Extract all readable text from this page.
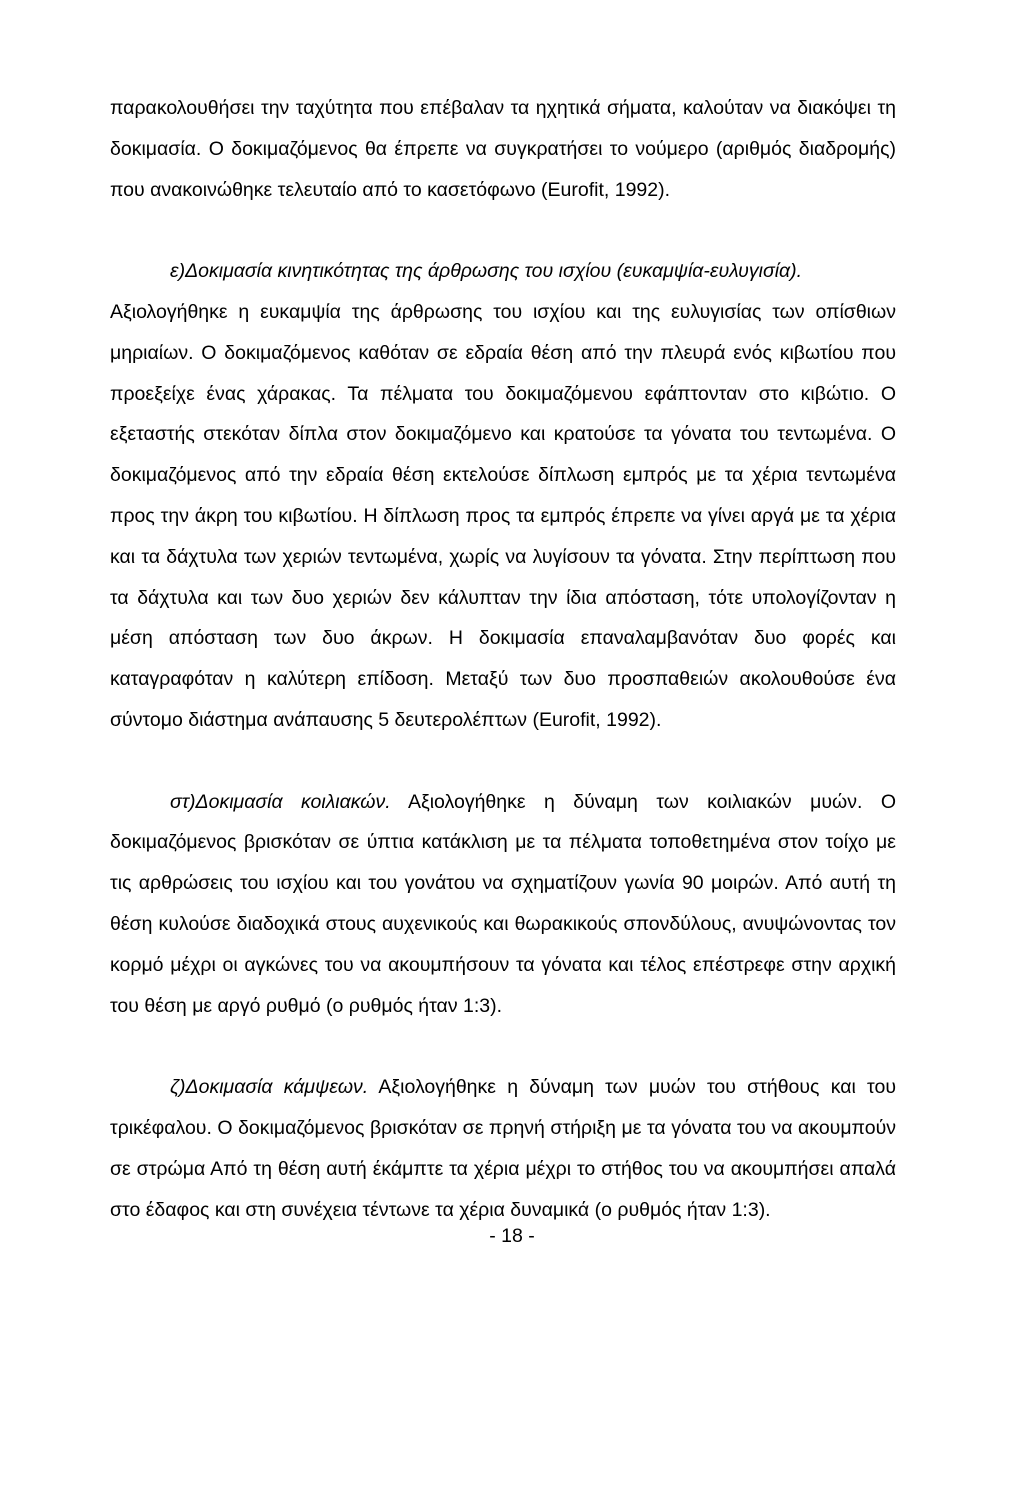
παρακολουθήσει την ταχύτητα που επέβαλαν τα ηχητικά σήματα, καλούταν να διακόψει τη δοκιμασία. Ο δοκιμαζόμενος θα έπρεπε να συγκρατήσει το νούμερο (αριθμός διαδρομής) που ανακοινώθηκε τελευταίο από το κασετόφωνο (Eurofit, 1992).

ε)Δοκιμασία κινητικότητας της άρθρωσης του ισχίου (ευκαμψία-ευλυγισία).
Αξιολογήθηκε η ευκαμψία της άρθρωσης του ισχίου και της ευλυγισίας των οπίσθιων μηριαίων. Ο δοκιμαζόμενος καθόταν σε εδραία θέση από την πλευρά ενός κιβωτίου που προεξείχε ένας χάρακας. Τα πέλματα του δοκιμαζόμενου εφάπτονταν στο κιβώτιο. Ο εξεταστής στεκόταν δίπλα στον δοκιμαζόμενο και κρατούσε τα γόνατα του τεντωμένα. Ο δοκιμαζόμενος από την εδραία θέση εκτελούσε δίπλωση εμπρός με τα χέρια τεντωμένα προς την άκρη του κιβωτίου. Η δίπλωση προς τα εμπρός έπρεπε να γίνει αργά με τα χέρια και τα δάχτυλα των χεριών τεντωμένα, χωρίς να λυγίσουν τα γόνατα. Στην περίπτωση που τα δάχτυλα και των δυο χεριών δεν κάλυπταν την ίδια απόσταση, τότε υπολογίζονταν η μέση απόσταση των δυο άκρων. Η δοκιμασία επαναλαμβανόταν δυο φορές και καταγραφόταν η καλύτερη επίδοση. Μεταξύ των δυο προσπαθειών ακολουθούσε ένα σύντομο διάστημα ανάπαυσης 5 δευτερολέπτων (Eurofit, 1992).

στ)Δοκιμασία κοιλιακών. Αξιολογήθηκε η δύναμη των κοιλιακών μυών. Ο δοκιμαζόμενος βρισκόταν σε ύπτια κατάκλιση με τα πέλματα τοποθετημένα στον τοίχο με τις αρθρώσεις του ισχίου και του γονάτου να σχηματίζουν γωνία 90 μοιρών. Από αυτή τη θέση κυλούσε διαδοχικά στους αυχενικούς και θωρακικούς σπονδύλους, ανυψώνοντας τον κορμό μέχρι οι αγκώνες του να ακουμπήσουν τα γόνατα και τέλος επέστρεφε στην αρχική του θέση με αργό ρυθμό (ο ρυθμός ήταν 1:3).

ζ)Δοκιμασία κάμψεων. Αξιολογήθηκε η δύναμη των μυών του στήθους και του τρικέφαλου. Ο δοκιμαζόμενος βρισκόταν σε πρηνή στήριξη με τα γόνατα του να ακουμπούν σε στρώμα Από τη θέση αυτή έκάμπτε τα χέρια μέχρι το στήθος του να ακουμπήσει απαλά στο έδαφος και στη συνέχεια τέντωνε τα χέρια δυναμικά (ο ρυθμός ήταν 1:3).

- 18 -
